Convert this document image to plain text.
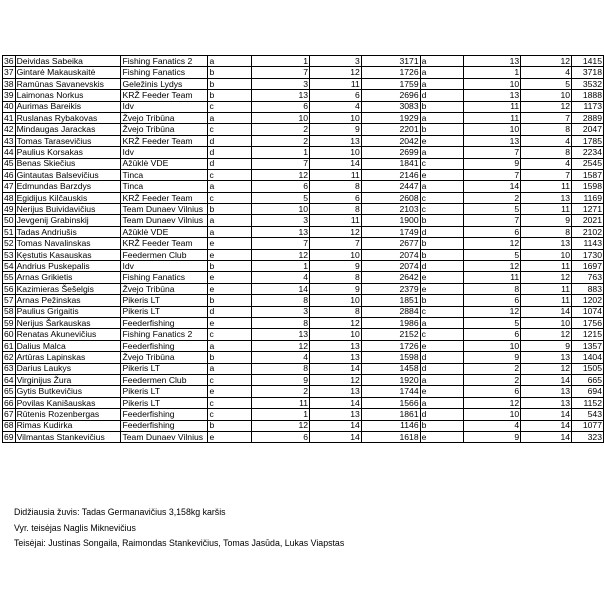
36	Deividas Sabeika	Fishing Fanatics 2	a	1	3	3171	a	13	12	1415
37	Gintarė Makauskaitė	Fishing Fanatics	b	7	12	1726	a	1	4	3718
38	Ramūnas Savanevskis	Geležinis Lydys	b	3	11	1759	a	10	5	3532
39	Laimonas Norkus	KRŽ Feeder Team	b	13	6	2696	d	13	10	1888
40	Aurimas Bareikis	Idv	c	6	4	3083	b	11	12	1173
41	Ruslanas Rybakovas	Žvejo Tribūna	a	10	10	1929	a	11	7	2889
42	Mindaugas Jarackas	Žvejo Tribūna	c	2	9	2201	b	10	8	2047
43	Tomas Tarasevičius	KRŽ Feeder Team	d	2	13	2042	e	13	4	1785
44	Paulius Korsakas	Idv	d	1	10	2699	a	7	8	2234
45	Benas Skiečius	Ažūklė VDE	d	7	14	1841	c	9	4	2545
46	Gintautas Balsevičius	Tinca	c	12	11	2146	e	7	7	1587
47	Edmundas Barzdys	Tinca	a	6	8	2447	a	14	11	1598
48	Egidijus Kilčauskis	KRŽ Feeder Team	c	5	6	2608	c	2	13	1169
49	Nerijus Buividavičius	Team Dunaev Vilnius	b	10	8	2103	c	5	11	1271
50	Jevgenij Grabinskij	Team Dunaev Vilnius	a	3	11	1900	b	7	9	2021
51	Tadas Andriušis	Ažūklė VDE	a	13	12	1749	d	6	8	2102
52	Tomas Navalinskas	KRŽ Feeder Team	e	7	7	2677	b	12	13	1143
53	Kęstutis Kasauskas	Feedermen Club	e	12	10	2074	b	5	10	1730
54	Andrius Puskepalis	Idv	b	1	9	2074	d	12	11	1697
55	Arnas Grikietis	Fishing Fanatics	e	4	8	2642	e	11	12	763
56	Kazimieras Šešelgis	Žvejo Tribūna	e	14	9	2379	e	8	11	883
57	Arnas Pežinskas	Pikeris LT	b	8	10	1851	b	6	11	1202
58	Paulius Grigaitis	Pikeris LT	d	3	8	2884	c	12	14	1074
59	Nerijus Šarkauskas	Feederfishing	e	8	12	1986	a	5	10	1756
60	Renatas Akunevičius	Fishing Fanatics 2	c	13	10	2152	c	6	12	1215
61	Dalius Malca	Feederfishing	a	12	13	1726	e	10	9	1357
62	Artūras Lapinskas	Žvejo Tribūna	b	4	13	1598	d	9	13	1404
63	Darius Laukys	Pikeris LT	a	8	14	1458	d	2	12	1505
64	Virginijus Žura	Feedermen Club	c	9	12	1920	a	2	14	665
65	Gytis Butkevičius	Pikeris LT	e	2	13	1744	e	6	13	694
66	Povilas Kanišauskas	Pikeris LT	c	11	14	1566	a	12	13	1152
67	Rūtenis Rozenbergas	Feederfishing	c	1	13	1861	d	10	14	543
68	Rimas Kudirka	Feederfishing	b	12	14	1146	b	4	14	1077
69	Vilmantas Stankevičius	Team Dunaev Vilnius	e	6	14	1618	e	9	14	323
Didžiausia žuvis: Tadas Germanavičius 3,158kg karšis
Vyr. teisėjas Naglis Miknevičius
Teisėjai: Justinas Songaila, Raimondas Stankevičius, Tomas Jasūda, Lukas Viapstas
